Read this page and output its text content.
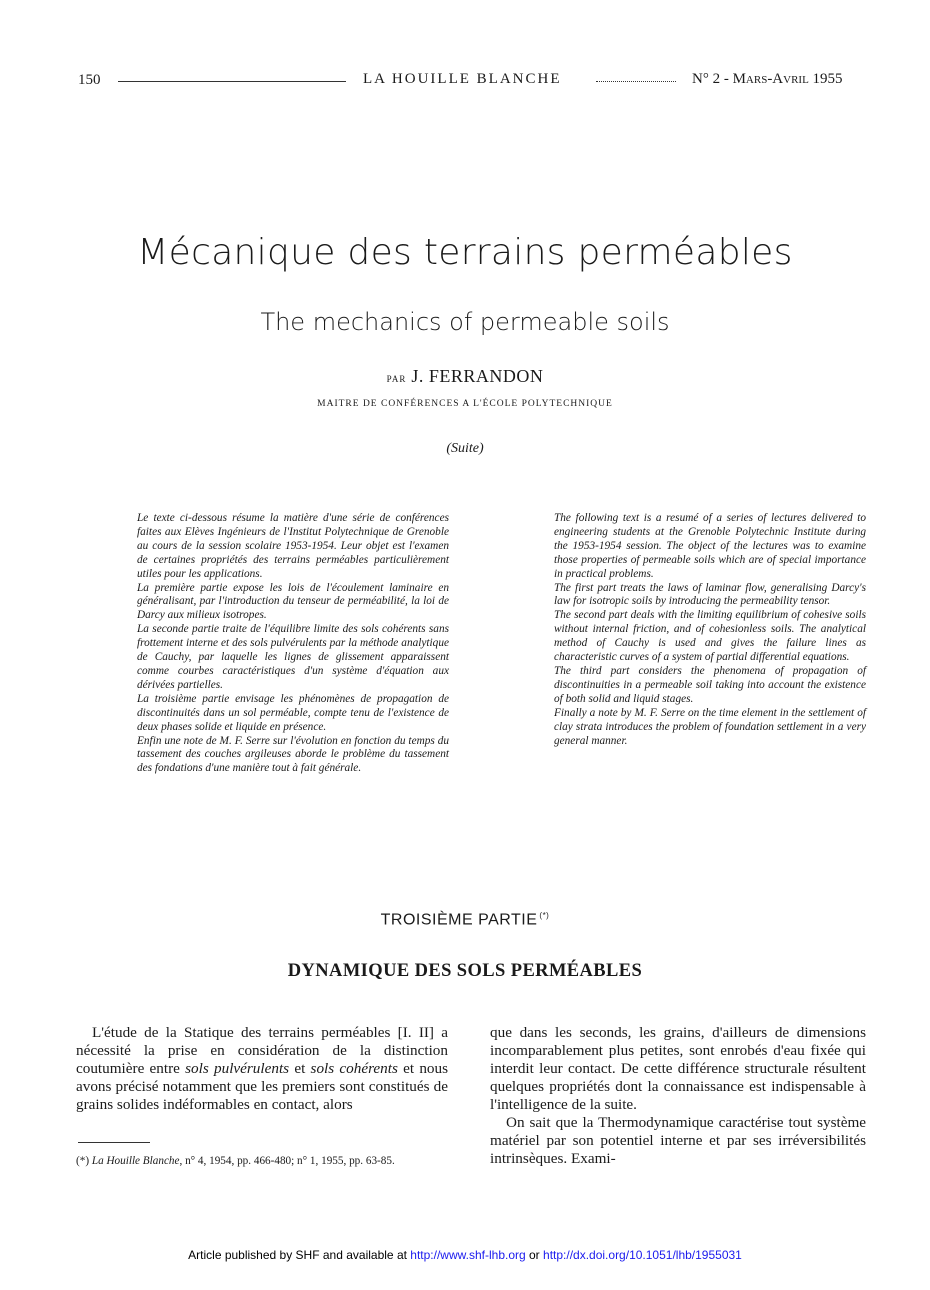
150	LA HOUILLE BLANCHE	N° 2 - Mars-Avril 1955
Mécanique des terrains perméables
The mechanics of permeable soils
par J. FERRANDON
MAITRE DE CONFÉRENCES A L'ÉCOLE POLYTECHNIQUE
(Suite)

Le texte ci-dessous résume la matière d'une série de conférences faites aux Elèves Ingénieurs de l'Institut Polytechnique de Grenoble au cours de la session scolaire 1953-1954. Leur objet est l'examen de certaines propriétés des terrains perméables particulièrement utiles pour les applications.

La première partie expose les lois de l'écoulement laminaire en généralisant, par l'introduction du tenseur de perméabilité, la loi de Darcy aux milieux isotropes.

La seconde partie traite de l'équilibre limite des sols cohérents sans frottement interne et des sols pulvérulents par la méthode analytique de Cauchy, par laquelle les lignes de glissement apparaissent comme courbes caractéristiques d'un système d'équation aux dérivées partielles.

La troisième partie envisage les phénomènes de propagation de discontinuités dans un sol perméable, compte tenu de l'existence de deux phases solide et liquide en présence.

Enfin une note de M. F. Serre sur l'évolution en fonction du temps du tassement des couches argileuses aborde le problème du tassement des fondations d'une manière tout à fait générale.

The following text is a resumé of a series of lectures delivered to engineering students at the Grenoble Polytechnic Institute during the 1953-1954 session. The object of the lectures was to examine those properties of permeable soils which are of special importance in practical problems.

The first part treats the laws of laminar flow, generalising Darcy's law for isotropic soils by introducing the permeability tensor.

The second part deals with the limiting equilibrium of cohesive soils without internal friction, and of cohesionless soils. The analytical method of Cauchy is used and gives the failure lines as characteristic curves of a system of partial differential equations.

The third part considers the phenomena of propagation of discontinuities in a permeable soil taking into account the existence of both solid and liquid stages.

Finally a note by M. F. Serre on the time element in the settlement of clay strata introduces the problem of foundation settlement in a very general manner.

TROISIÈME PARTIE (*)
DYNAMIQUE DES SOLS PERMÉABLES

L'étude de la Statique des terrains perméables [I. II] a nécessité la prise en considération de la distinction coutumière entre sols pulvérulents et sols cohérents et nous avons précisé notamment que les premiers sont constitués de grains solides indéformables en contact, alors

(*) La Houille Blanche, n° 4, 1954, pp. 466-480; n° 1, 1955, pp. 63-85.

que dans les seconds, les grains, d'ailleurs de dimensions incomparablement plus petites, sont enrobés d'eau fixée qui interdit leur contact. De cette différence structurale résultent quelques propriétés dont la connaissance est indispensable à l'intelligence de la suite.

On sait que la Thermodynamique caractérise tout système matériel par son potentiel interne et par ses irréversibilités intrinsèques. Exami-

Article published by SHF and available at http://www.shf-lhb.org or http://dx.doi.org/10.1051/lhb/1955031
